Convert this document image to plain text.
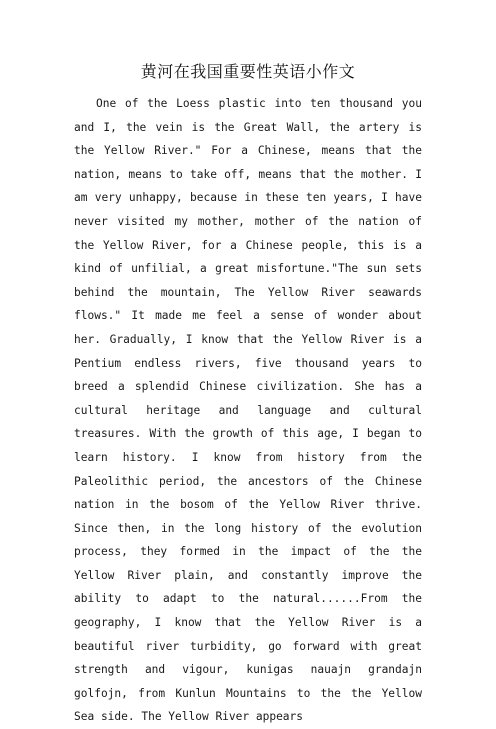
黄河在我国重要性英语小作文

One of the Loess plastic into ten thousand you and I, the vein is the Great Wall, the artery is the Yellow River." For a Chinese, means that the nation, means to take off, means that the mother. I am very unhappy, because in these ten years, I have never visited my mother, mother of the nation of the Yellow River, for a Chinese people, this is a kind of unfilial, a great misfortune."The sun sets behind the mountain, The Yellow River seawards flows." It made me feel a sense of wonder about her. Gradually, I know that the Yellow River is a Pentium endless rivers, five thousand years to breed a splendid Chinese civilization. She has a cultural heritage and language and cultural treasures. With the growth of this age, I began to learn history. I know from history from the Paleolithic period, the ancestors of the Chinese nation in the bosom of the Yellow River thrive. Since then, in the long history of the evolution process, they formed in the impact of the the Yellow River plain, and constantly improve the ability to adapt to the natural......From the geography, I know that the Yellow River is a beautiful river turbidity, go forward with great strength and vigour, kunigas nauajn grandajn golfojn, from Kunlun Mountains to the the Yellow Sea side. The Yellow River appears
